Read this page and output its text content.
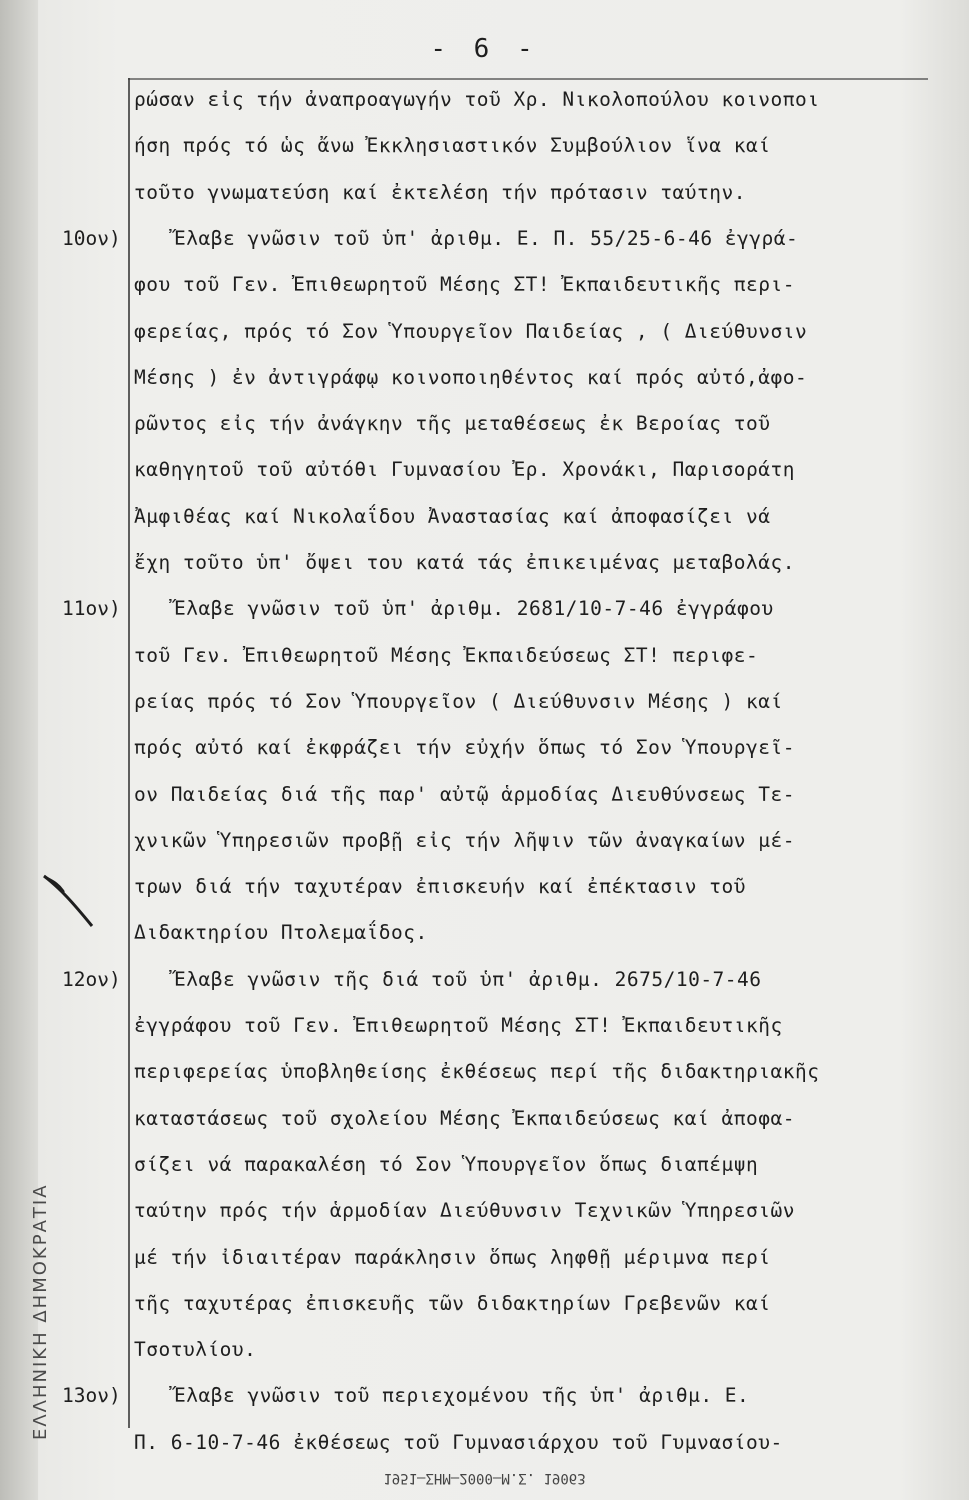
ΕΛΛΗΝΙΚΗ ΔΗΜΟΚΡΑΤΙΑ
- 6 -
ρώσαν εἰς τήν ἀναπροαγωγήν τοῦ Χρ. Νικολοπούλου κοινοποι
ήση πρός τό ὡς ἄνω Ἐκκλησιαστικόν Συμβούλιον ἵνα καί
τοῦτο γνωματεύση καί ἐκτελέση τήν πρότασιν ταύτην.
10ον)	Ἔλαβε γνῶσιν τοῦ ὑπ' ἀριθμ. Ε. Π. 55/25-6-46 ἐγγρά-
φου τοῦ Γεν. Ἐπιθεωρητοῦ Μέσης ΣΤ! Ἐκπαιδευτικῆς περι-
φερείας, πρός τό Σον Ὑπουργεῖον Παιδείας , ( Διεύθυνσιν
Μέσης ) ἐν ἀντιγράφῳ κοινοποιηθέντος καί πρός αὐτό,ἀφο-
ρῶντος εἰς τήν ἀνάγκην τῆς μεταθέσεως ἐκ Βεροίας τοῦ
καθηγητοῦ τοῦ αὐτόθι Γυμνασίου Ἐρ. Χρονάκι, Παρισοράτη
Ἀμφιθέας καί Νικολαΐδου Ἀναστασίας καί ἀποφασίζει νά
ἔχη τοῦτο ὑπ' ὄψει του κατά τάς ἐπικειμένας μεταβολάς.
11ον)	Ἔλαβε γνῶσιν τοῦ ὑπ' ἀριθμ. 2681/10-7-46 ἐγγράφου
τοῦ Γεν. Ἐπιθεωρητοῦ Μέσης Ἐκπαιδεύσεως ΣΤ! περιφε-
ρείας πρός τό Σον Ὑπουργεῖον ( Διεύθυνσιν Μέσης ) καί
πρός αὐτό καί ἐκφράζει τήν εὐχήν ὅπως τό Σον Ὑπουργεῖ-
ον Παιδείας διά τῆς παρ' αὐτῷ ἁρμοδίας Διευθύνσεως Τε-
χνικῶν Ὑπηρεσιῶν προβῇ εἰς τήν λῆψιν τῶν ἀναγκαίων μέ-
τρων διά τήν ταχυτέραν ἐπισκευήν καί ἐπέκτασιν τοῦ
Διδακτηρίου Πτολεμαΐδος.
12ον)	Ἔλαβε γνῶσιν τῆς διά τοῦ ὑπ' ἀριθμ. 2675/10-7-46
ἐγγράφου τοῦ Γεν. Ἐπιθεωρητοῦ Μέσης ΣΤ! Ἐκπαιδευτικῆς
περιφερείας ὑποβληθείσης ἐκθέσεως περί τῆς διδακτηριακῆς
καταστάσεως τοῦ σχολείου Μέσης Ἐκπαιδεύσεως καί ἀποφα-
σίζει νά παρακαλέση τό Σον Ὑπουργεῖον ὅπως διαπέμψη
ταύτην πρός τήν ἁρμοδίαν Διεύθυνσιν Τεχνικῶν Ὑπηρεσιῶν
μέ τήν ἰδιαιτέραν παράκλησιν ὅπως ληφθῇ μέριμνα περί
τῆς ταχυτέρας ἐπισκευῆς τῶν διδακτηρίων Γρεβενῶν καί
Τσοτυλίου.
13ον)	Ἔλαβε γνῶσιν τοῦ περιεχομένου τῆς ὑπ' ἀριθμ. Ε.
Π. 6-10-7-46 ἐκθέσεως τοῦ Γυμνασιάρχου τοῦ Γυμνασίου-
1951—ΣΗΜ—2000—Μ.Σ. 19063
